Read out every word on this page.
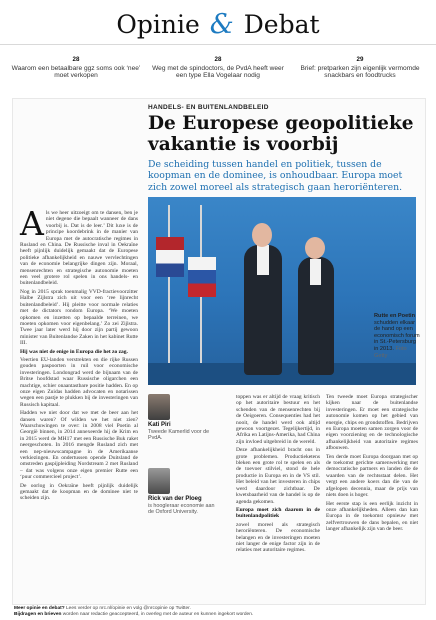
Opinie & Debat
28
Waarom een betaalbare ggz soms ook ‘nee’ moet verkopen
28
Weg met de spindoctors, de PvdA heeft weer een type Ella Vogelaar nodig
29
Brief: pretparken zijn eigenlijk vermomde snackbars en foodtrucks
HANDELS- EN BUITENLANDBELEID
De Europese geopolitieke vakantie is voorbij
De scheiding tussen handel en politiek, tussen de koopman en de dominee, is onhoudbaar. Europa moet zich zowel moreel als strategisch gaan heroriënteren.
Rutte en Poetin
schudden elkaar de hand op een economisch forum in St.-Petersburg in 2013. Foto Getty
A ls we heer uitzoeigt om te dansen, ben je niet degene die bepaalt wanneer de dans voorbij is. Dat is de leer.’ Dit luxe is de principe koordebrink in de manier van Europa met de autocratische regimes in Rusland en China. De Russische inval in Oekraïne heeft pijnlijk duidelijk gemaakt dat de Europese politieke afhankelijkheid en nauwe vervlechtingen van de economie belangrijke dingen zijn. Moraal, mensenrechten en strategische autonomie moeten een veel grotere rol spelen in ons handels- en buitenlandbeleid.

Nog in 2015 sprak toenmalig VVD-fractievoorzitter Halbe Zijlstra zich uit voor een ‘ree lijnrecht buitenlandbeleid’. Hij pleitte voor normale relaties met de dictators rondom Europa. ‘We moeten opkomen en inzetten op bepaalde terreinen, we moeten opkomen voor eigenbelang.’ Zo zei Zijlstra. Twee jaar later werd hij door zijn partij gewoon minister van Buitenlandse Zaken in het kabinet Rutte III.

Hij was niet de enige in Europa die het zo zag.

Veertien EU-landen verstrekten en die rijke Russen gouden paspoorten in ruil voor economische investeringen. Londongrad werd de bijnaam van de Britse hoofdstad waar Russische oligarchen een machtige, schier onaantastbare positie hadden. En op onze eigen Zuidas hadden advocaten en notarissen wegen een pastje te plukken bij de investeringen van Russisch kapitaal.

Hadden we niet door dat we met de beer aan het dansen waren? Of wilden we het niet zien? Waarschuwingen te over: in 2008 viel Poetin al Georgië binnen, in 2014 annexeerde hij de Krim en in 2015 werd de MH17 met een Russische Buk raket neergeschoten. In 2016 mengde Rusland zich met een nep-nieuwscampagne in de Amerikaanse verkiezingen. En ondertussen opende Duitsland de omstreden gaspijpleiding Nordstream 2 met Rusland – dat was volgens onze eigen premier Rutte een ‘puur commercieel project’.

De oorlog in Oekraïne heeft pijnlijk duidelijk gemaakt dat de koopman en de dominee niet te scheiden zijn.

Kati Piri
Tweede Kamerlid voor de PvdA.
Rick van der Ploeg
is hoogleraar economie aan de Oxford University.

toppen was er altijd de vraag kritisch op het autoritaire bestuur en het schenden van de mensenrechten bij de Oeigoeren. Consequenties had het nooit, de handel werd ook altijd gewoon voortgezet. Tegelijkertijd, in Afrika en Latijns-Amerika, had China zijn invloed uitgebreid in de wereld.

Deze afhankelijkheid bracht ons in grote problemen. Productieketens bleken een grote rol te spelen en als de toevoer stilviel, stond de hele productie in Europa en in de VS stil. Het beleid van het investeren in chips werd daardoor zichtbaar. De kwetsbaarheid van de handel is op de agenda gekomen.

Europa moet zich daarom in de buitenlandpolitiek

zowel moreel als strategisch heroriënteren. De economische belangen en de investeringen moeten niet langer de enige factor zijn in de relaties met autoritaire regimes.

Ten tweede moet Europa strategischer kijken naar de buitenlandse investeringen. Er moet een strategische autonomie komen op het gebied van energie, chips en grondstoffen. Bedrijven en Europa moeten samen zorgen voor de eigen voorziening en de technologische afhankelijkheid van autoritaire regimes afbouwen.

Ten derde moet Europa doorgaan met op de toekomst gerichte samenwerking met democratische partners en landen die de waarden van de rechtsstaat delen. Het vergt een andere koers dan die van de afgelopen decennia, maar de prijs van niets doen is hoger.

Het eerste stap is een eerlijk inzicht in onze afhankelijkheden. Alleen dan kan Europa in de toekomst opnieuw met zelfvertrouwen de dans bepalen, en niet langer afhankelijk zijn van de beer.

Meer opinie en debat? Lees verder op nrc.nl/opinie en volg @nrcopinie op Twitter.
Bijdragen en brieven worden naar redactie geaccepteerd, in overleg met de auteur en kunnen ingekort worden.
